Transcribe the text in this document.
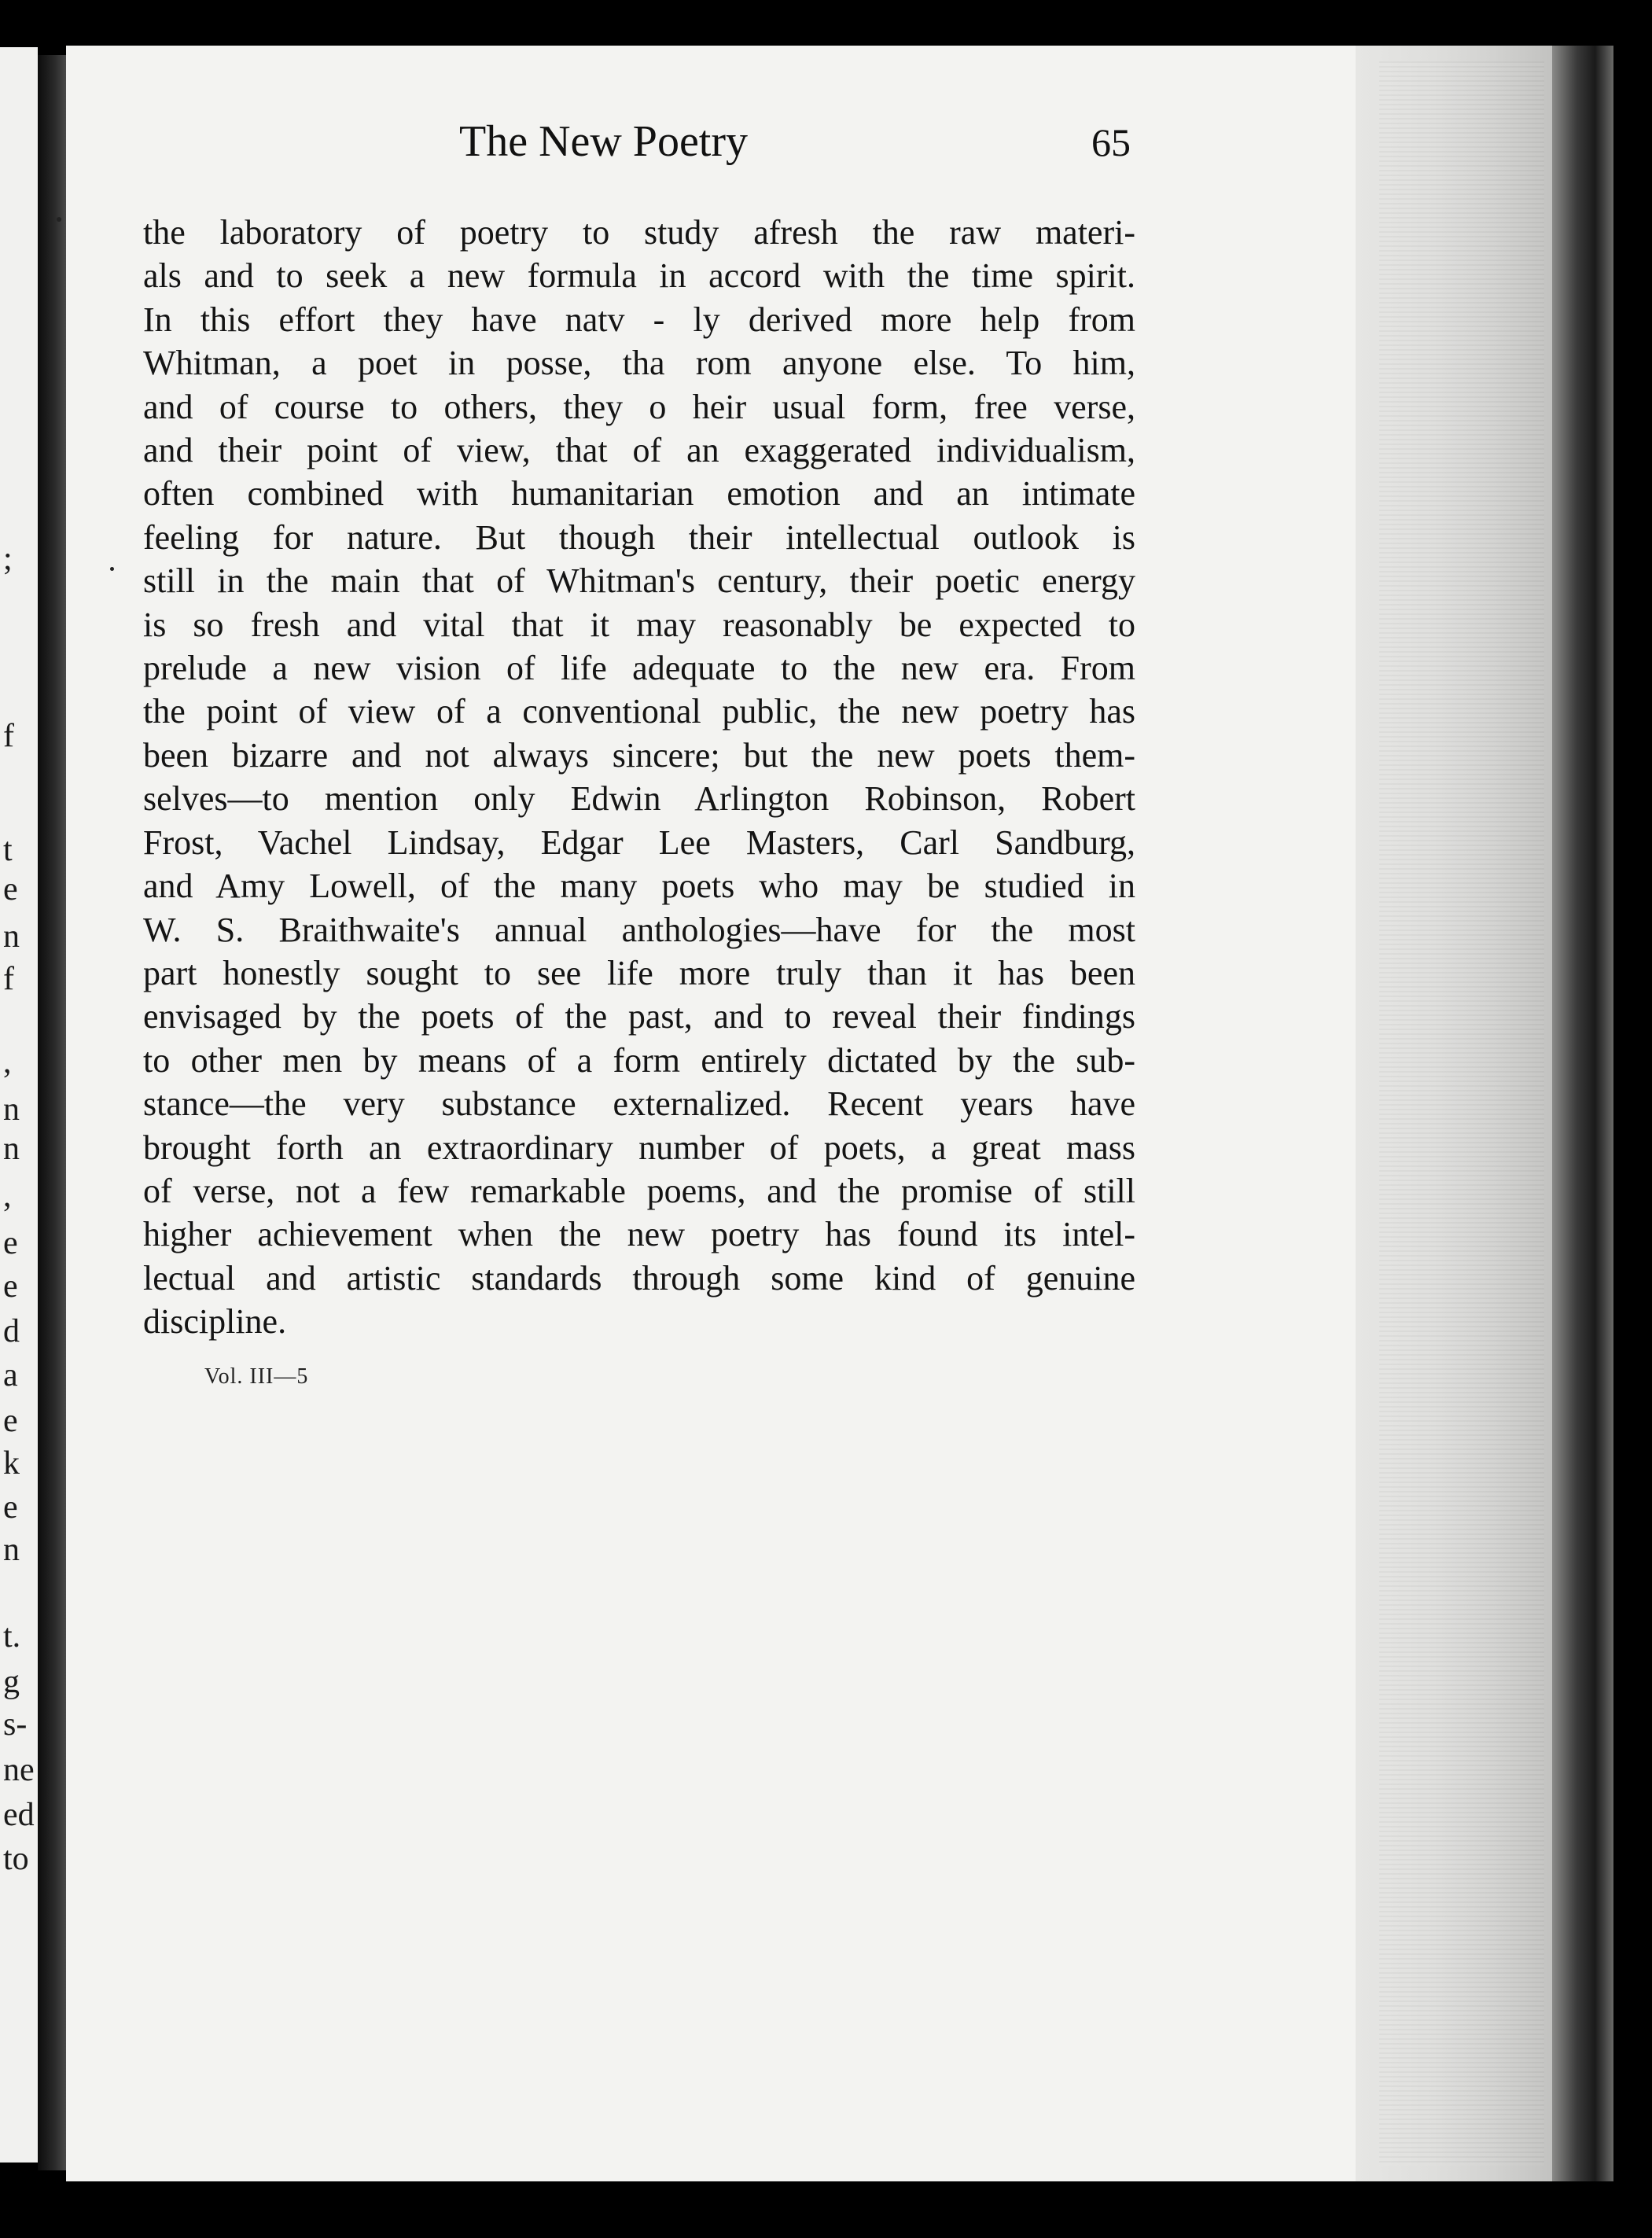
;
f
t
e
n
f
,
n
n
,
e
e
d
a
e
k
e
n
t.
g
s-
ne
ed
to
The New Poetry	65
the laboratory of poetry to study afresh the raw materi-
als and to seek a new formula in accord with the time spirit.
In this effort they have natv - ly derived more help from
Whitman, a poet in posse, tha rom anyone else. To him,
and of course to others, they o heir usual form, free verse,
and their point of view, that of an exaggerated individualism,
often combined with humanitarian emotion and an intimate
feeling for nature. But though their intellectual outlook is
still in the main that of Whitman's century, their poetic energy
is so fresh and vital that it may reasonably be expected to
prelude a new vision of life adequate to the new era. From
the point of view of a conventional public, the new poetry has
been bizarre and not always sincere; but the new poets them-
selves—to mention only Edwin Arlington Robinson, Robert
Frost, Vachel Lindsay, Edgar Lee Masters, Carl Sandburg,
and Amy Lowell, of the many poets who may be studied in
W. S. Braithwaite's annual anthologies—have for the most
part honestly sought to see life more truly than it has been
envisaged by the poets of the past, and to reveal their findings
to other men by means of a form entirely dictated by the sub-
stance—the very substance externalized. Recent years have
brought forth an extraordinary number of poets, a great mass
of verse, not a few remarkable poems, and the promise of still
higher achievement when the new poetry has found its intel-
lectual and artistic standards through some kind of genuine
discipline.
Vol. III—5
